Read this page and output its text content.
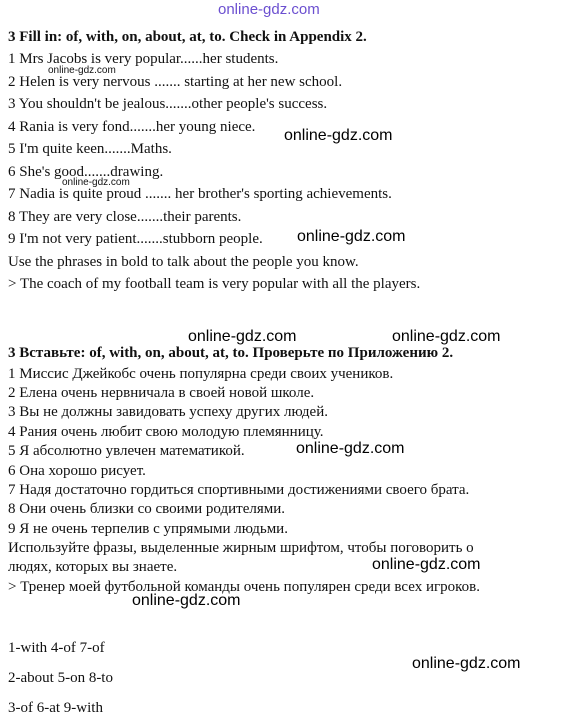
online-gdz.com
3 Fill in: of, with, on, about, at, to. Check in Appendix 2.
1 Mrs Jacobs is very popular......her students.
2 Helen is very nervous ....... starting at her new school.
3 You shouldn't be jealous.......other people's success.
4 Rania is very fond.......her young niece.
5 I'm quite keen.......Maths.
6 She's good.......drawing.
7 Nadia is quite proud ....... her brother's sporting achievements.
8 They are very close.......their parents.
9 I'm not very patient.......stubborn people.
Use the phrases in bold to talk about the people you know.
> The coach of my football team is very popular with all the players.
3 Вставьте: of, with, on, about, at, to. Проверьте по Приложению 2.
1 Миссис Джейкобс очень популярна среди своих учеников.
2 Елена очень нервничала в своей новой школе.
3 Вы не должны завидовать успеху других людей.
4 Рания очень любит свою молодую племянницу.
5 Я абсолютно увлечен математикой.
6 Она хорошо рисует.
7 Надя достаточно гордиться спортивными достижениями своего брата.
8 Они очень близки со своими родителями.
9 Я не очень терпелив с упрямыми людьми.
Используйте фразы, выделенные жирным шрифтом, чтобы поговорить о
людях, которых вы знаете.
> Тренер моей футбольной команды очень популярен среди всех игроков.
1-with 4-of 7-of
2-about 5-on 8-to
3-of 6-at 9-with
online-gdz.com
online-gdz.com
online-gdz.com
online-gdz.com
online-gdz.com	online-gdz.com
online-gdz.com
online-gdz.com
online-gdz.com
online-gdz.com
